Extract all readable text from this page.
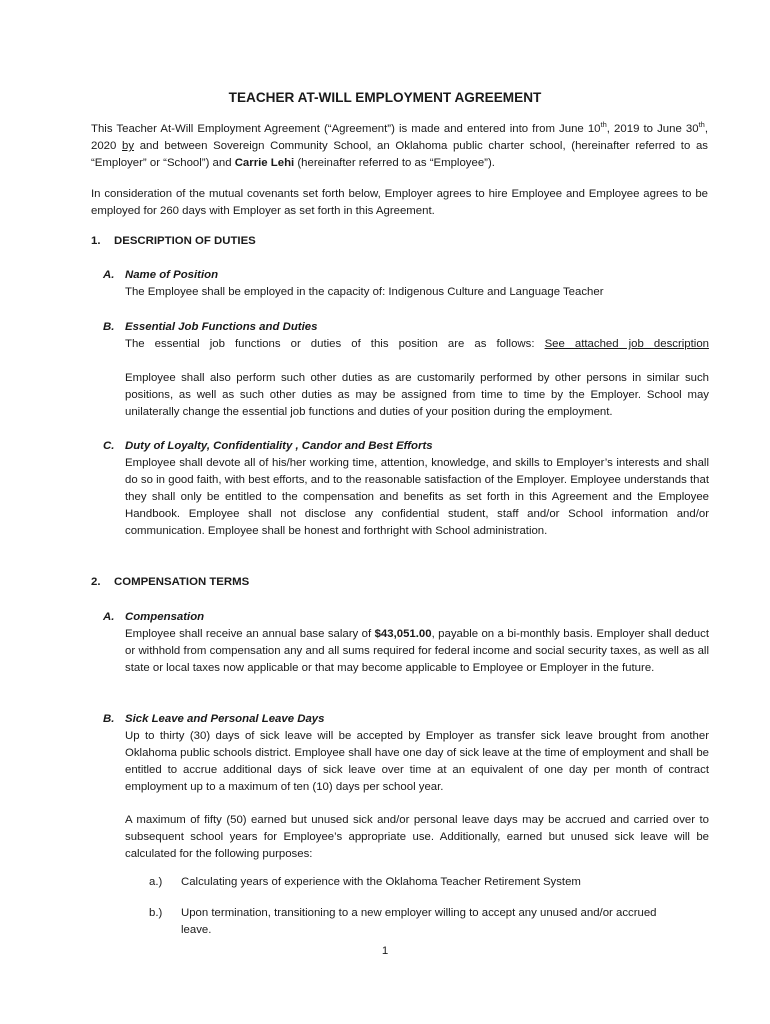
TEACHER AT-WILL EMPLOYMENT AGREEMENT

This Teacher At-Will Employment Agreement (“Agreement”) is made and entered into from June 10th, 2019 to June 30th, 2020 by and between Sovereign Community School, an Oklahoma public charter school, (hereinafter referred to as “Employer” or “School”) and Carrie Lehi (hereinafter referred to as “Employee”).

In consideration of the mutual covenants set forth below, Employer agrees to hire Employee and Employee agrees to be employed for 260 days with Employer as set forth in this Agreement.

1. DESCRIPTION OF DUTIES

A. Name of Position

The Employee shall be employed in the capacity of: Indigenous Culture and Language Teacher

B. Essential Job Functions and Duties

The essential job functions or duties of this position are as follows: See attached job description

Employee shall also perform such other duties as are customarily performed by other persons in similar such positions, as well as such other duties as may be assigned from time to time by the Employer. School may unilaterally change the essential job functions and duties of your position during the employment.

C. Duty of Loyalty, Confidentiality , Candor and Best Efforts

Employee shall devote all of his/her working time, attention, knowledge, and skills to Employer’s interests and shall do so in good faith, with best efforts, and to the reasonable satisfaction of the Employer. Employee understands that they shall only be entitled to the compensation and benefits as set forth in this Agreement and the Employee Handbook. Employee shall not disclose any confidential student, staff and/or School information and/or communication. Employee shall be honest and forthright with School administration.

2. COMPENSATION TERMS

A. Compensation

Employee shall receive an annual base salary of $43,051.00, payable on a bi-monthly basis. Employer shall deduct or withhold from compensation any and all sums required for federal income and social security taxes, as well as all state or local taxes now applicable or that may become applicable to Employee or Employer in the future.

B. Sick Leave and Personal Leave Days

Up to thirty (30) days of sick leave will be accepted by Employer as transfer sick leave brought from another Oklahoma public schools district. Employee shall have one day of sick leave at the time of employment and shall be entitled to accrue additional days of sick leave over time at an equivalent of one day per month of contract employment up to a maximum of ten (10) days per school year.

A maximum of fifty (50) earned but unused sick and/or personal leave days may be accrued and carried over to subsequent school years for Employee’s appropriate use. Additionally, earned but unused sick leave will be calculated for the following purposes:

a.) Calculating years of experience with the Oklahoma Teacher Retirement System

b.) Upon termination, transitioning to a new employer willing to accept any unused and/or accrued leave.

1
